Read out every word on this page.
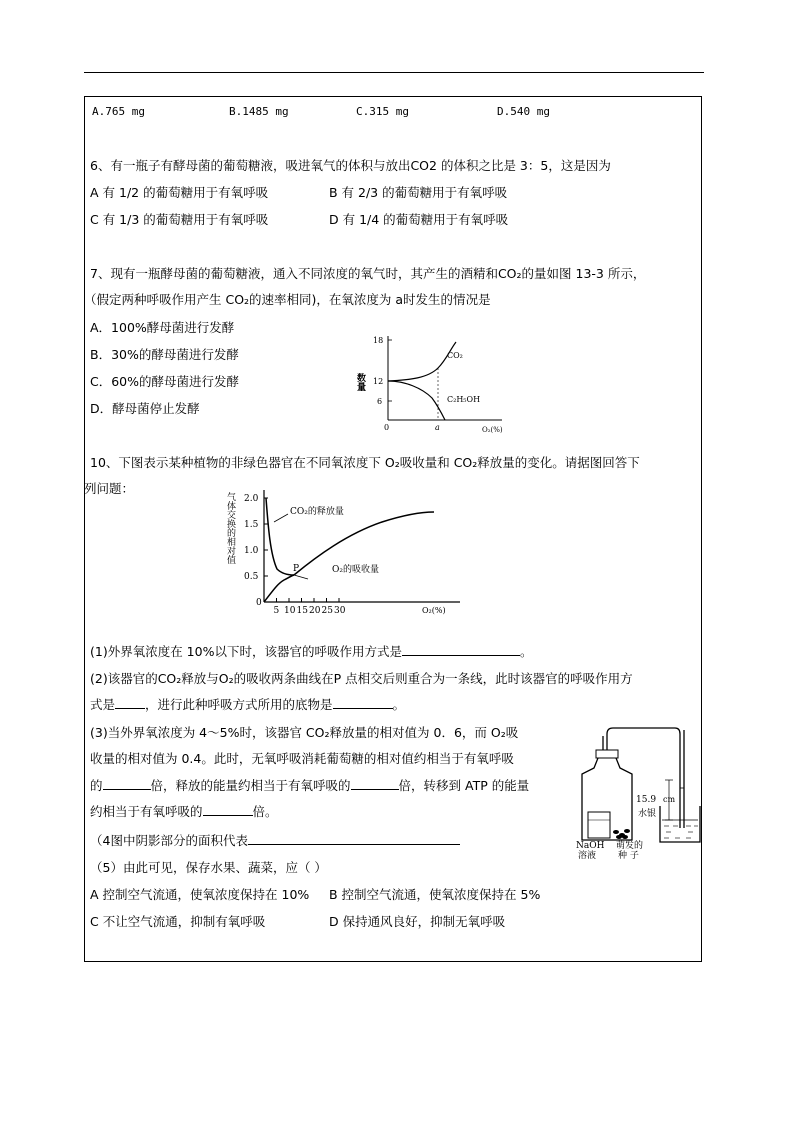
A.765 mg	B.1485 mg	C.315 mg	D.540 mg
6、有一瓶子有酵母菌的葡萄糖液，吸进氧气的体积与放出CO2 的体积之比是 3：5，这是因为
A 有 1/2 的葡萄糖用于有氧呼吸	B 有 2/3 的葡萄糖用于有氧呼吸
C 有 1/3 的葡萄糖用于有氧呼吸	D 有 1/4 的葡萄糖用于有氧呼吸
7、现有一瓶酵母菌的葡萄糖液，通入不同浓度的氧气时，其产生的酒精和CO₂的量如图 13-3 所示，
（假定两种呼吸作用产生 CO₂的速率相同)，在氧浓度为 a时发生的情况是
A．100%酵母菌进行发酵
B．30%的酵母菌进行发酵
C．60%的酵母菌进行发酵
D．酵母菌停止发酵
18
12
6
数量
CO₂
C₂H₅OH
0	a	O₂(%)
10、下图表示某种植物的非绿色器官在不同氧浓度下 O₂吸收量和 CO₂释放量的变化。请据图回答下
列问题：
气体交换的相对值 2.0
1.5
1.0
0.5
0
5 10 15 20 25 30
CO₂的释放量
O₂的吸收量
P
O₂(%)
(1)外界氧浓度在 10%以下时，该器官的呼吸作用方式是	。
(2)该器官的CO₂释放与O₂的吸收两条曲线在P 点相交后则重合为一条线，此时该器官的呼吸作用方
式是 ，进行此种呼吸方式所用的底物是	。
(3)当外界氧浓度为 4～5%时，该器官 CO₂释放量的相对值为 0．6，而 O₂吸
收量的相对值为 0.4。此时，无氧呼吸消耗葡萄糖的相对值约相当于有氧呼吸
的	倍，释放的能量约相当于有氧呼吸的	倍，转移到 ATP 的能量
约相当于有氧呼吸的	倍。
（4图中阴影部分的面积代表
（5）由此可见，保存水果、蔬菜，应（ ）
A 控制空气流通，使氧浓度保持在 10% B 控制空气流通，使氧浓度保持在 5%
C 不让空气流通，抑制有氧呼吸	D 保持通风良好，抑制无氧呼吸
15.9 cm
水银
NaOH
溶液
萌发的
种 子
